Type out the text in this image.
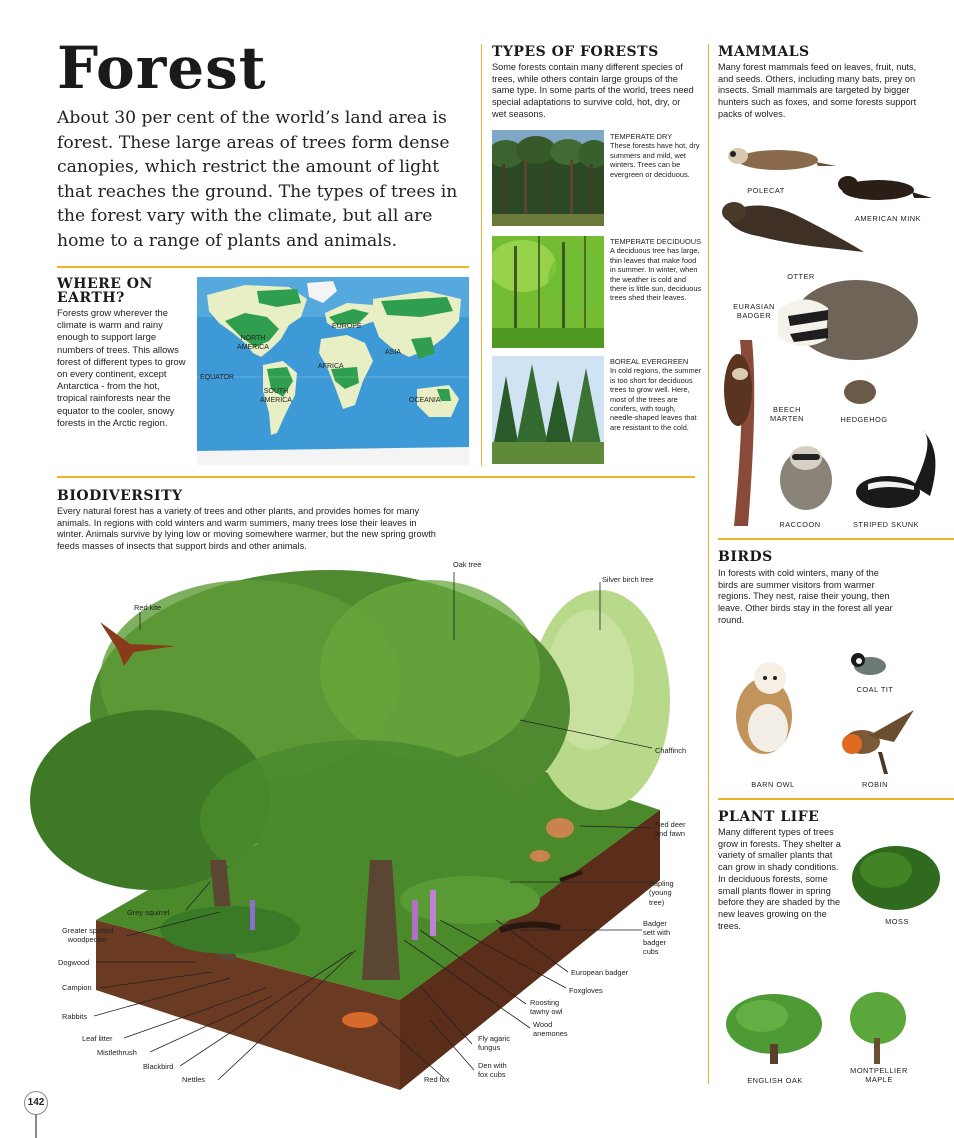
Forest
About 30 per cent of the world’s land area is forest. These large areas of trees form dense canopies, which restrict the amount of light that reaches the ground. The types of trees in the forest vary with the climate, but all are home to a range of plants and animals.
WHERE ON
EARTH?
Forests grow wherever the climate is warm and rainy enough to support large numbers of trees. This allows forest of different types to grow on every continent, except Antarctica - from the hot, tropical rainforests near the equator to the cooler, snowy forests in the Arctic region.
NORTH
AMERICA
EUROPE
ASIA
AFRICA
EQUATOR
SOUTH
AMERICA	OCEANIA
TYPES OF FORESTS
Some forests contain many different species of trees, while others contain large groups of the same type. In some parts of the world, trees need special adaptations to survive cold, hot, dry, or wet seasons.
TEMPERATE DRY
These forests have hot, dry summers and mild, wet winters. Trees can be evergreen or deciduous.
TEMPERATE DECIDUOUS
A deciduous tree has large, thin leaves that make food in summer. In winter, when the weather is cold and there is little sun, deciduous trees shed their leaves.
BOREAL EVERGREEN
In cold regions, the summer is too short for deciduous trees to grow well. Here, most of the trees are conifers, with tough, needle-shaped leaves that are resistant to the cold.
MAMMALS
Many forest mammals feed on leaves, fruit, nuts, and seeds. Others, including many bats, prey on insects. Small mammals are targeted by bigger hunters such as foxes, and some forests support packs of wolves.
POLECAT
AMERICAN MINK
OTTER
EURASIAN
BADGER
BEECH
MARTEN	HEDGEHOG
RACCOON	STRIPED SKUNK
BIRDS
In forests with cold winters, many of the birds are summer visitors from warmer regions. They nest, raise their young, then leave. Other birds stay in the forest all year round.
COAL TIT
BARN OWL	ROBIN
PLANT LIFE
Many different types of trees grow in forests. They shelter a variety of smaller plants that can grow in shady conditions. In deciduous forests, some small plants flower in spring before they are shaded by the new leaves growing on the trees.	MOSS
ENGLISH OAK
MONTPELLIER
MAPLE
BIODIVERSITY
Every natural forest has a variety of trees and other plants, and provides homes for many animals. In regions with cold winters and warm summers, many trees lose their leaves in winter. Animals survive by lying low or moving somewhere warmer, but the new spring growth feeds masses of insects that support birds and other animals.
Oak tree
Silver birch tree
Red kite
Chaffinch
Red deer
and fawn
Sapling
(young
tree)
Badger
sett with
badger
cubs
European badger
Foxgloves
Roosting
tawny owl
Wood
anemones
Fly agaric
fungus
Den with
fox cubs
Red fox
Nettles
Blackbird
Mistlethrush
Leaf litter
Rabbits
Campion
Dogwood
Greater spotted
woodpecker
Grey squirrel
142
